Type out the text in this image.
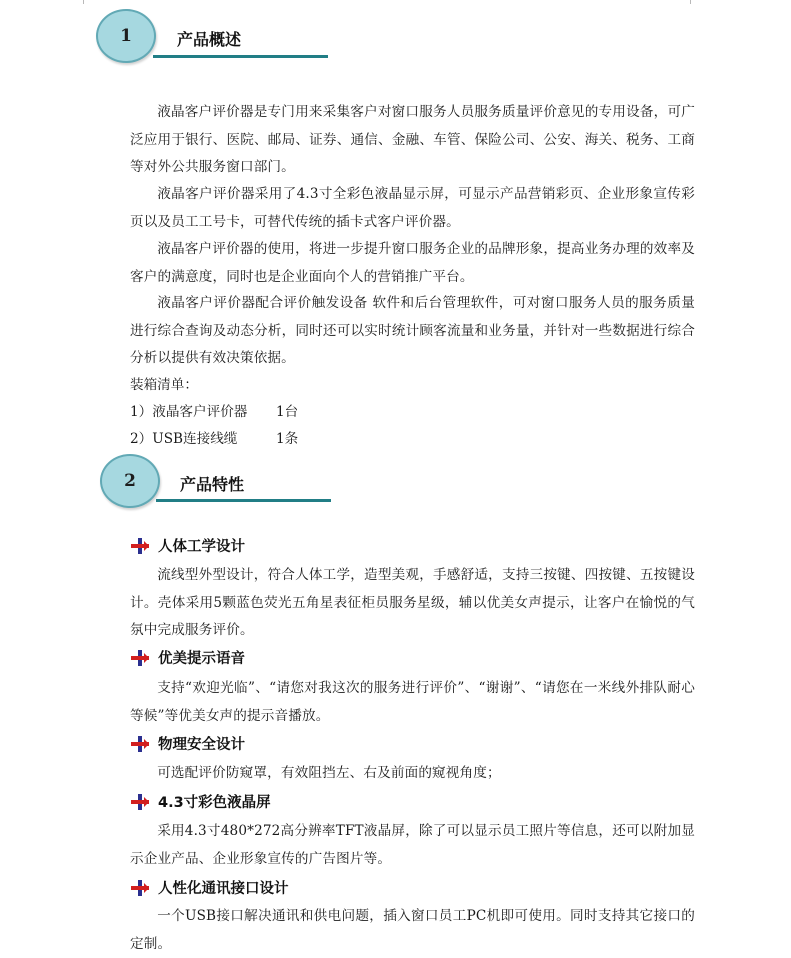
1	产品概述

液晶客户评价器是专门用来采集客户对窗口服务人员服务质量评价意见的专用设备，可广泛应用于银行、医院、邮局、证券、通信、金融、车管、保险公司、公安、海关、税务、工商等对外公共服务窗口部门。

液晶客户评价器采用了4.3寸全彩色液晶显示屏，可显示产品营销彩页、企业形象宣传彩页以及员工工号卡，可替代传统的插卡式客户评价器。

液晶客户评价器的使用，将进一步提升窗口服务企业的品牌形象，提高业务办理的效率及客户的满意度，同时也是企业面向个人的营销推广平台。

液晶客户评价器配合评价触发设备 软件和后台管理软件，可对窗口服务人员的服务质量进行综合查询及动态分析，同时还可以实时统计顾客流量和业务量，并针对一些数据进行综合分析以提供有效决策依据。

装箱清单：

1）液晶客户评价器 1台

2）USB连接线缆	1条

2	产品特性
人体工学设计

流线型外型设计，符合人体工学，造型美观，手感舒适，支持三按键、四按键、五按键设计。壳体采用5颗蓝色荧光五角星表征柜员服务星级，辅以优美女声提示，让客户在愉悦的气氛中完成服务评价。

优美提示语音

支持“欢迎光临”、“请您对我这次的服务进行评价”、“谢谢”、“请您在一米线外排队耐心等候”等优美女声的提示音播放。

物理安全设计

可选配评价防窥罩，有效阻挡左、右及前面的窥视角度；

4.3寸彩色液晶屏

采用4.3寸480*272高分辨率TFT液晶屏，除了可以显示员工照片等信息，还可以附加显示企业产品、企业形象宣传的广告图片等。

人性化通讯接口设计

一个USB接口解决通讯和供电问题，插入窗口员工PC机即可使用。同时支持其它接口的定制。
